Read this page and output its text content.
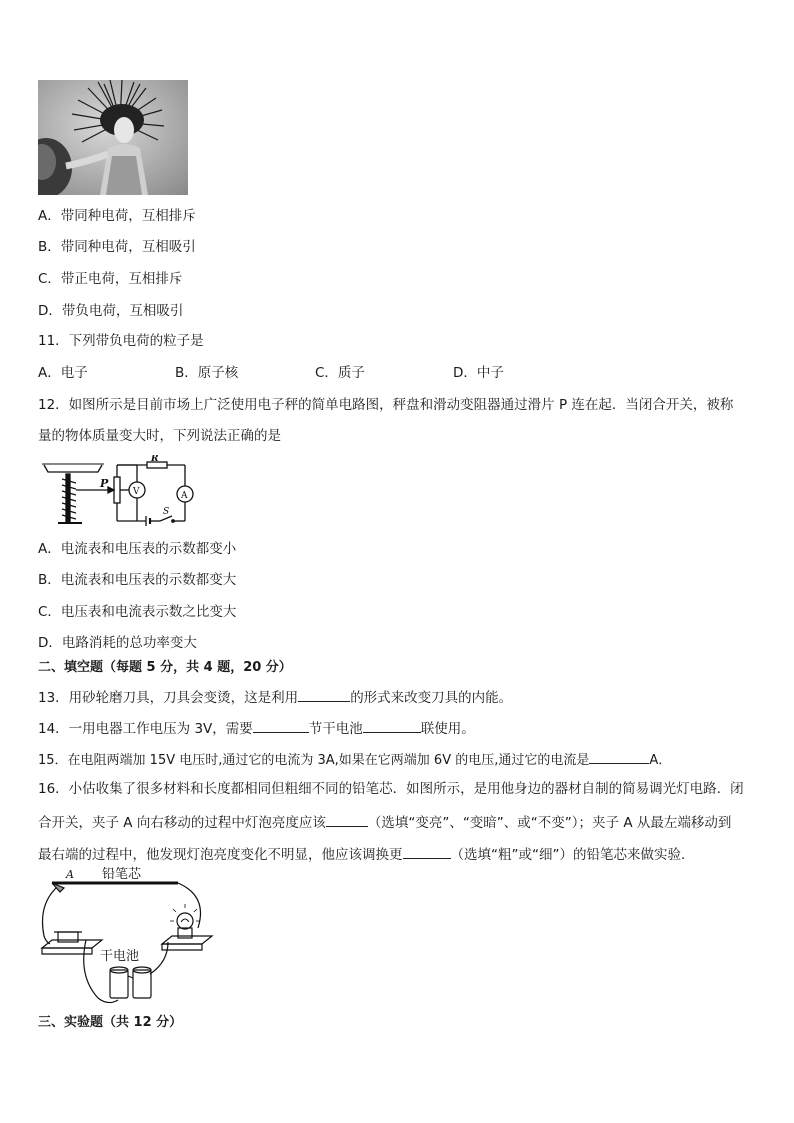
A．带同种电荷，互相排斥
B．带同种电荷，互相吸引
C．带正电荷，互相排斥
D．带负电荷，互相吸引
11．下列带负电荷的粒子是
A．电子	B．原子核	C．质子	D．中子
12．如图所示是目前市场上广泛使用电子秤的简单电路图，秤盘和滑动变阻器通过滑片 P 连在起．当闭合开关，被称
量的物体质量变大时，下列说法正确的是
P
R
V	A
S
A．电流表和电压表的示数都变小
B．电流表和电压表的示数都变大
C．电压表和电流表示数之比变大
D．电路消耗的总功率变大
二、填空题（每题 5 分，共 4 题，20 分）
13．用砂轮磨刀具，刀具会变烫，这是利用	的形式来改变刀具的内能。
14．一用电器工作电压为 3V，需要	节干电池	联使用。
15．在电阻两端加 15V 电压时,通过它的电流为 3A,如果在它两端加 6V 的电压,通过它的电流是	A．
16．小估收集了很多材料和长度都相同但粗细不同的铅笔芯．如图所示，是用他身边的器材自制的简易调光灯电路．闭
合开关，夹子 A 向右移动的过程中灯泡亮度应该	（选填“变亮”、“变暗”、或“不变”）；夹子 A 从最左端移动到
最右端的过程中，他发现灯泡亮度变化不明显，他应该调换更	（选填“粗”或“细”）的铅笔芯来做实验．
A 铅笔芯
干电池
三、实验题（共 12 分）
